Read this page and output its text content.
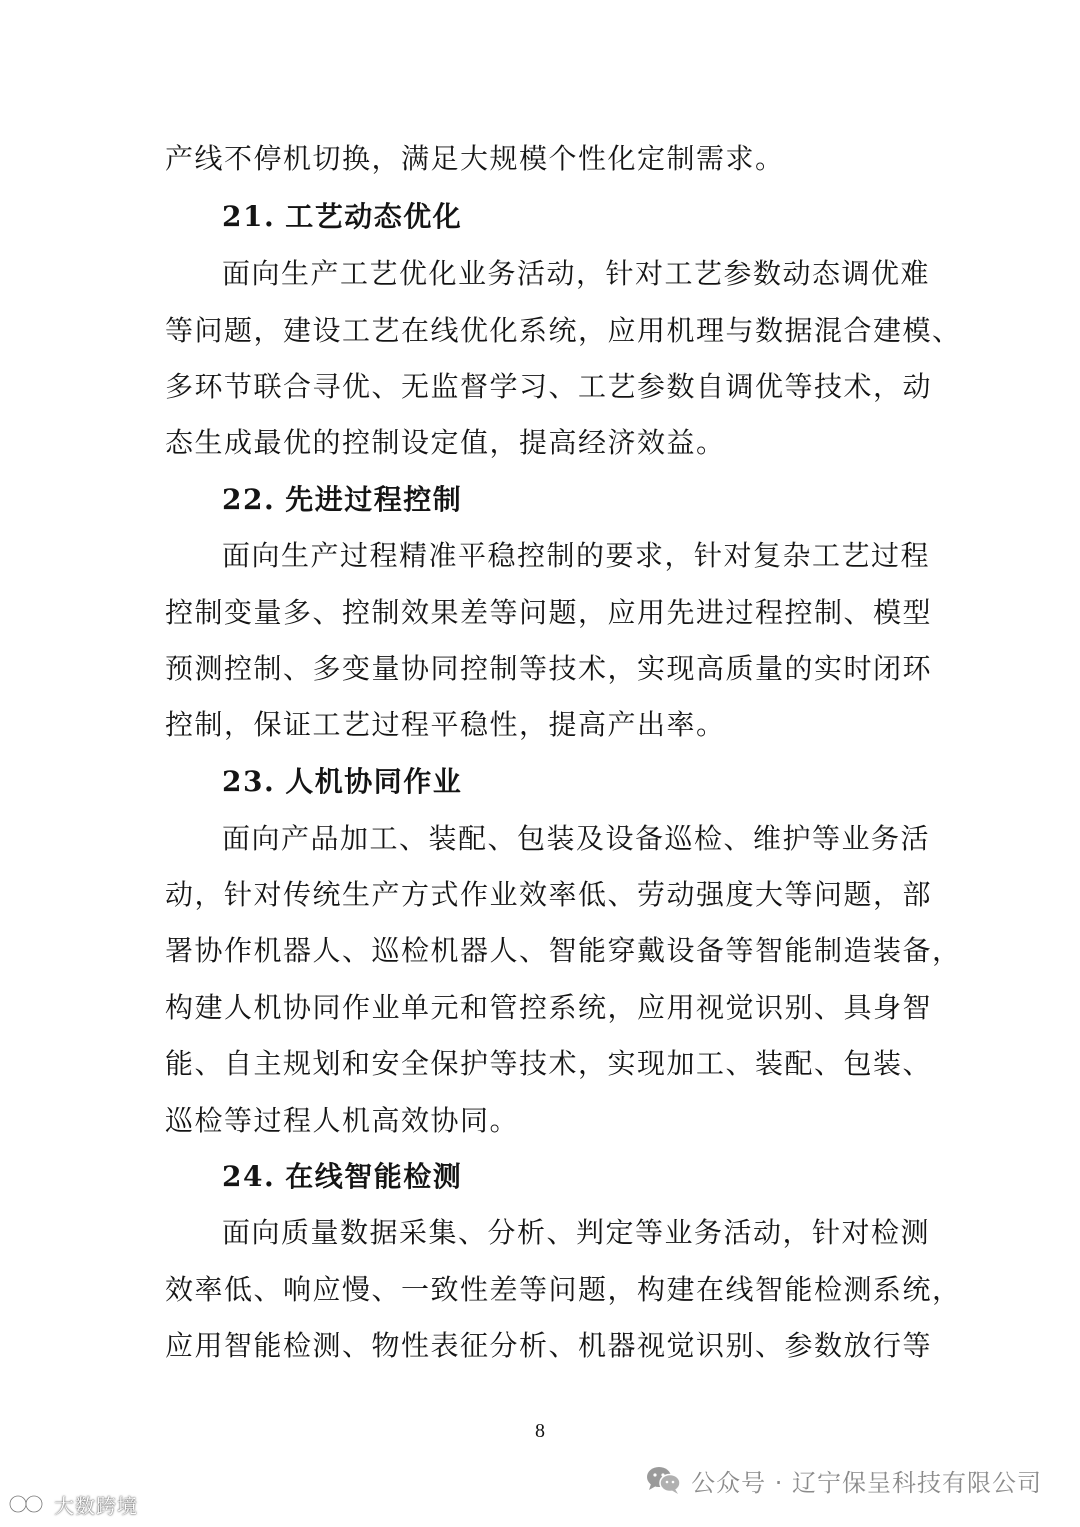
产线不停机切换，满足大规模个性化定制需求。
21. 工艺动态优化
面向生产工艺优化业务活动，针对工艺参数动态调优难
等问题，建设工艺在线优化系统，应用机理与数据混合建模、
多环节联合寻优、无监督学习、工艺参数自调优等技术，动
态生成最优的控制设定值，提高经济效益。
22. 先进过程控制
面向生产过程精准平稳控制的要求，针对复杂工艺过程
控制变量多、控制效果差等问题，应用先进过程控制、模型
预测控制、多变量协同控制等技术，实现高质量的实时闭环
控制，保证工艺过程平稳性，提高产出率。
23. 人机协同作业
面向产品加工、装配、包装及设备巡检、维护等业务活
动，针对传统生产方式作业效率低、劳动强度大等问题，部
署协作机器人、巡检机器人、智能穿戴设备等智能制造装备，
构建人机协同作业单元和管控系统，应用视觉识别、具身智
能、自主规划和安全保护等技术，实现加工、装配、包装、
巡检等过程人机高效协同。
24. 在线智能检测
面向质量数据采集、分析、判定等业务活动，针对检测
效率低、响应慢、一致性差等问题，构建在线智能检测系统，
应用智能检测、物性表征分析、机器视觉识别、参数放行等
8
公众号 · 辽宁保呈科技有限公司
大数跨境
